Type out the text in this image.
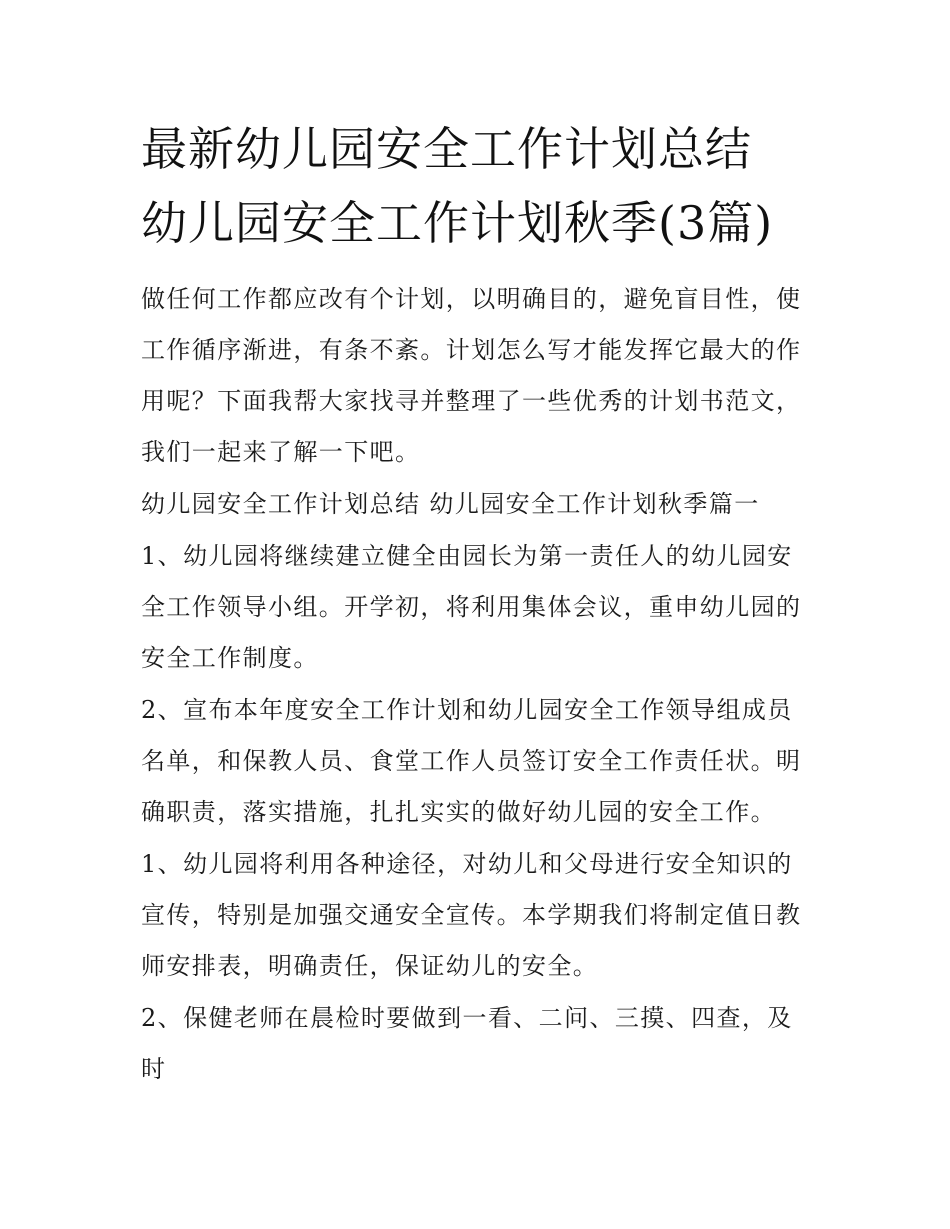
最新幼儿园安全工作计划总结 幼儿园安全工作计划秋季(3篇)

做任何工作都应改有个计划，以明确目的，避免盲目性，使工作循序渐进，有条不紊。计划怎么写才能发挥它最大的作用呢？下面我帮大家找寻并整理了一些优秀的计划书范文，我们一起来了解一下吧。

幼儿园安全工作计划总结 幼儿园安全工作计划秋季篇一

1、幼儿园将继续建立健全由园长为第一责任人的幼儿园安全工作领导小组。开学初，将利用集体会议，重申幼儿园的安全工作制度。

2、宣布本年度安全工作计划和幼儿园安全工作领导组成员名单，和保教人员、食堂工作人员签订安全工作责任状。明确职责，落实措施，扎扎实实的做好幼儿园的安全工作。

1、幼儿园将利用各种途径，对幼儿和父母进行安全知识的宣传，特别是加强交通安全宣传。本学期我们将制定值日教师安排表，明确责任，保证幼儿的安全。

2、保健老师在晨检时要做到一看、二问、三摸、四查，及时
